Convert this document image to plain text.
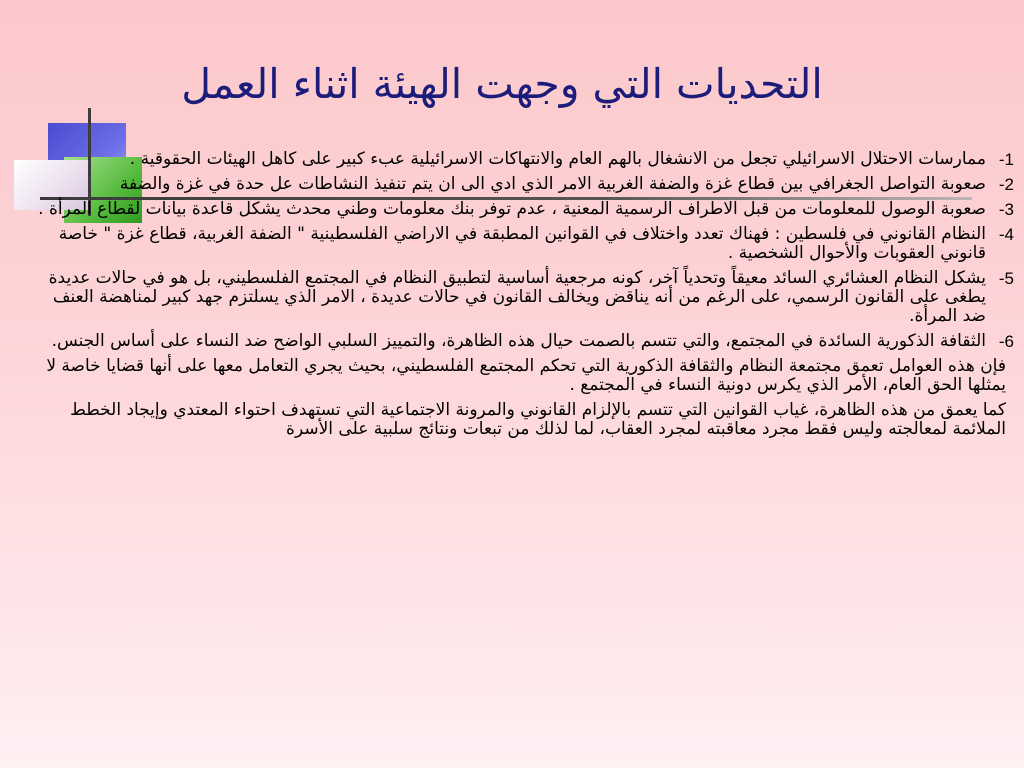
التحديات التي وجهت الهيئة اثناء العمل
1-
ممارسات الاحتلال الاسرائيلي تجعل من الانشغال بالهم العام والانتهاكات الاسرائيلية عبء كبير على كاهل الهيئات الحقوقية .
2-
صعوبة التواصل الجغرافي بين قطاع غزة والضفة الغربية الامر الذي ادي الى ان يتم تنفيذ النشاطات عل حدة في غزة والضفة
3-
صعوبة الوصول للمعلومات من قبل الاطراف الرسمية المعنية ، عدم توفر بنك معلومات وطني محدث يشكل قاعدة بيانات لقطاع المرأة .
4-
النظام القانوني في فلسطين : فهناك تعدد واختلاف في القوانين المطبقة في الاراضي الفلسطينية " الضفة الغربية، قطاع غزة " خاصة قانوني العقوبات والأحوال الشخصية .
5-
يشكل النظام العشائري السائد معيقاً وتحدياً آخر، كونه مرجعية أساسية لتطبيق النظام في المجتمع الفلسطيني، بل هو في حالات عديدة يطغى على القانون الرسمي، على الرغم من أنه يناقض ويخالف القانون في حالات عديدة ، الامر الذي يسلتزم جهد كبير لمناهضة العنف ضد المرأة.
6-
الثقافة الذكورية السائدة في المجتمع، والتي تتسم بالصمت حيال هذه الظاهرة، والتمييز السلبي الواضح ضد النساء على أساس الجنس.
فإن هذه العوامل تعمق مجتمعة النظام والثقافة الذكورية التي تحكم المجتمع الفلسطيني، بحيث يجري التعامل معها على أنها قضايا خاصة لا يمثلها الحق العام، الأمر الذي يكرس دونية النساء في المجتمع .
كما يعمق من هذه الظاهرة، غياب القوانين التي تتسم بالإلزام القانوني والمرونة الاجتماعية التي تستهدف احتواء المعتدي وإيجاد الخطط الملائمة لمعالجته وليس فقط مجرد معاقبته لمجرد العقاب، لما لذلك من تبعات ونتائج سلبية على الأسرة
